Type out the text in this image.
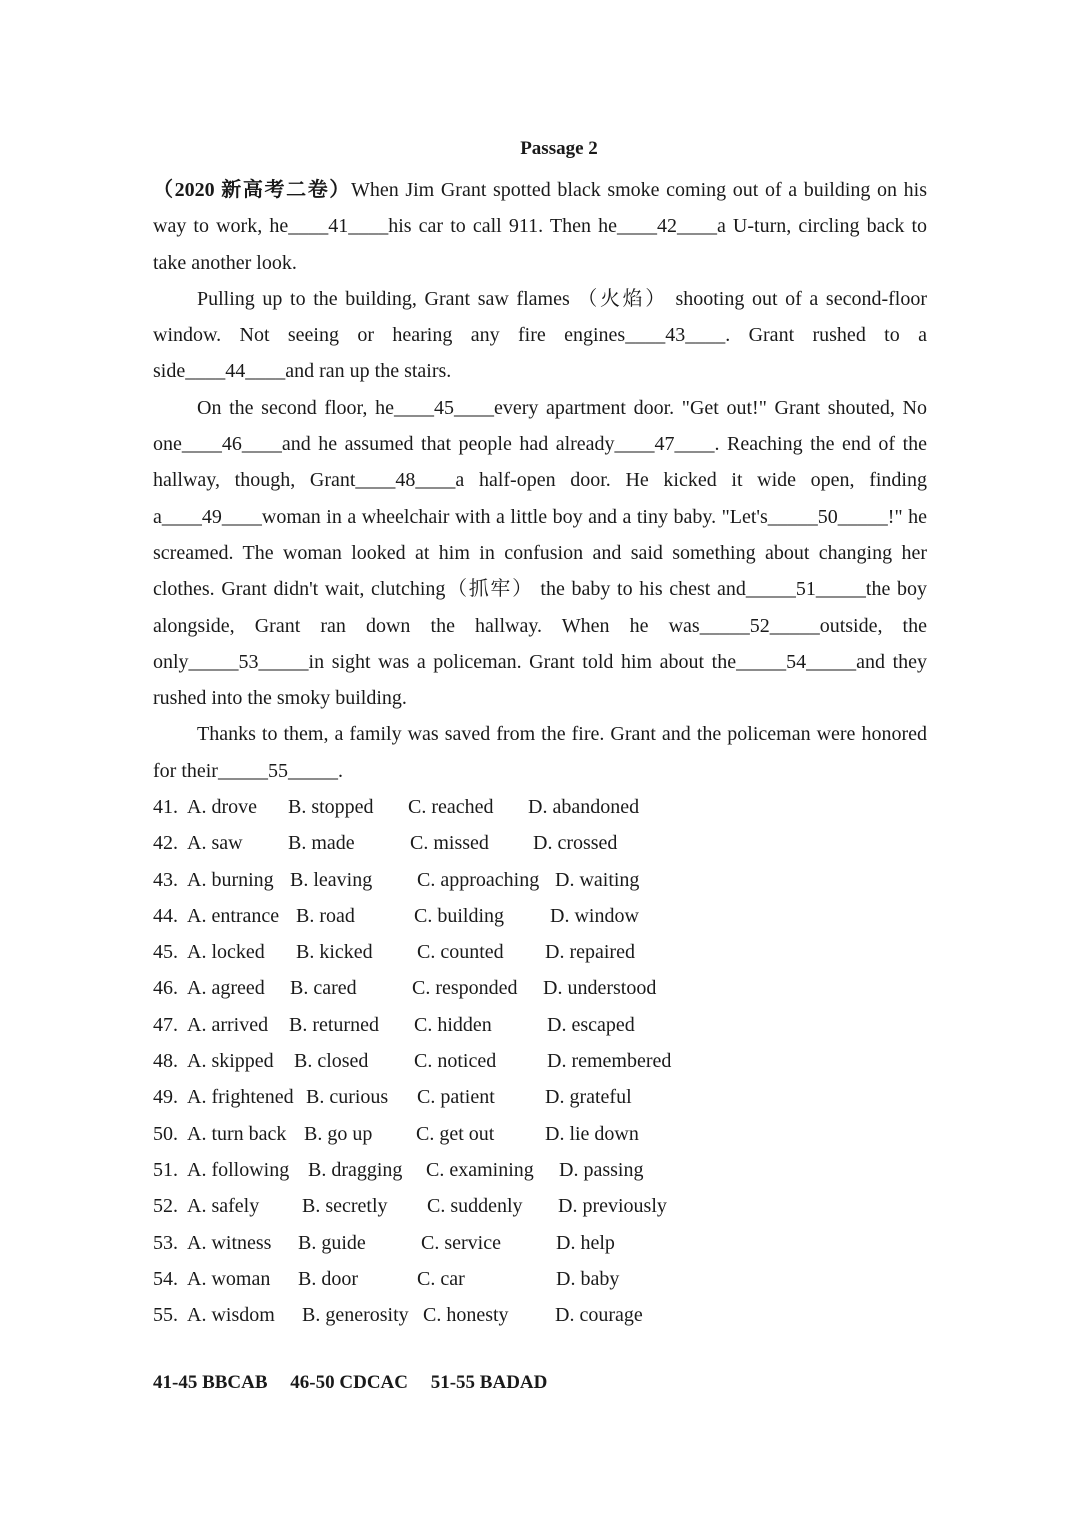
Passage 2

（2020 新高考二卷）When Jim Grant spotted black smoke coming out of a building on his way to work, he____41____his car to call 911. Then he____42____a U-turn, circling back to take another look.

Pulling up to the building, Grant saw flames （火焰） shooting out of a second-floor window. Not seeing or hearing any fire engines____43____. Grant rushed to a side____44____and ran up the stairs.

On the second floor, he____45____every apartment door. "Get out!" Grant shouted, No one____46____and he assumed that people had already____47____. Reaching the end of the hallway, though, Grant____48____a half-open door. He kicked it wide open, finding a____49____woman in a wheelchair with a little boy and a tiny baby. "Let's_____50_____!" he screamed. The woman looked at him in confusion and said something about changing her clothes. Grant didn't wait, clutching（抓牢） the baby to his chest and_____51_____the boy alongside, Grant ran down the hallway. When he was_____52_____outside, the only_____53_____in sight was a policeman. Grant told him about the_____54_____and they rushed into the smoky building.

Thanks to them, a family was saved from the fire. Grant and the policeman were honored for their_____55_____.

41. A. drove B. stopped C. reached D. abandoned
42. A. saw B. made	C. missed D. crossed
43. A. burning B. leaving C. approaching D. waiting
44. A. entrance B. road	C. building D. window
45. A. locked B. kicked C. counted D. repaired
46. A. agreed B. cared	C. responded D. understood
47. A. arrived B. returned C. hidden	D. escaped
48. A. skipped B. closed C. noticed	D. remembered
49. A. frightened B. curious C. patient	D. grateful
50. A. turn back B. go up C. get out	D. lie down
51. A. following B. dragging C. examining D. passing
52. A. safely B. secretly C. suddenly D. previously
53. A. witness B. guide	C. service	D. help
54. A. woman B. door	C. car	D. baby
55. A. wisdom B. generosity C. honesty D. courage
41-45 BBCAB 46-50 CDCAC 51-55 BADAD
